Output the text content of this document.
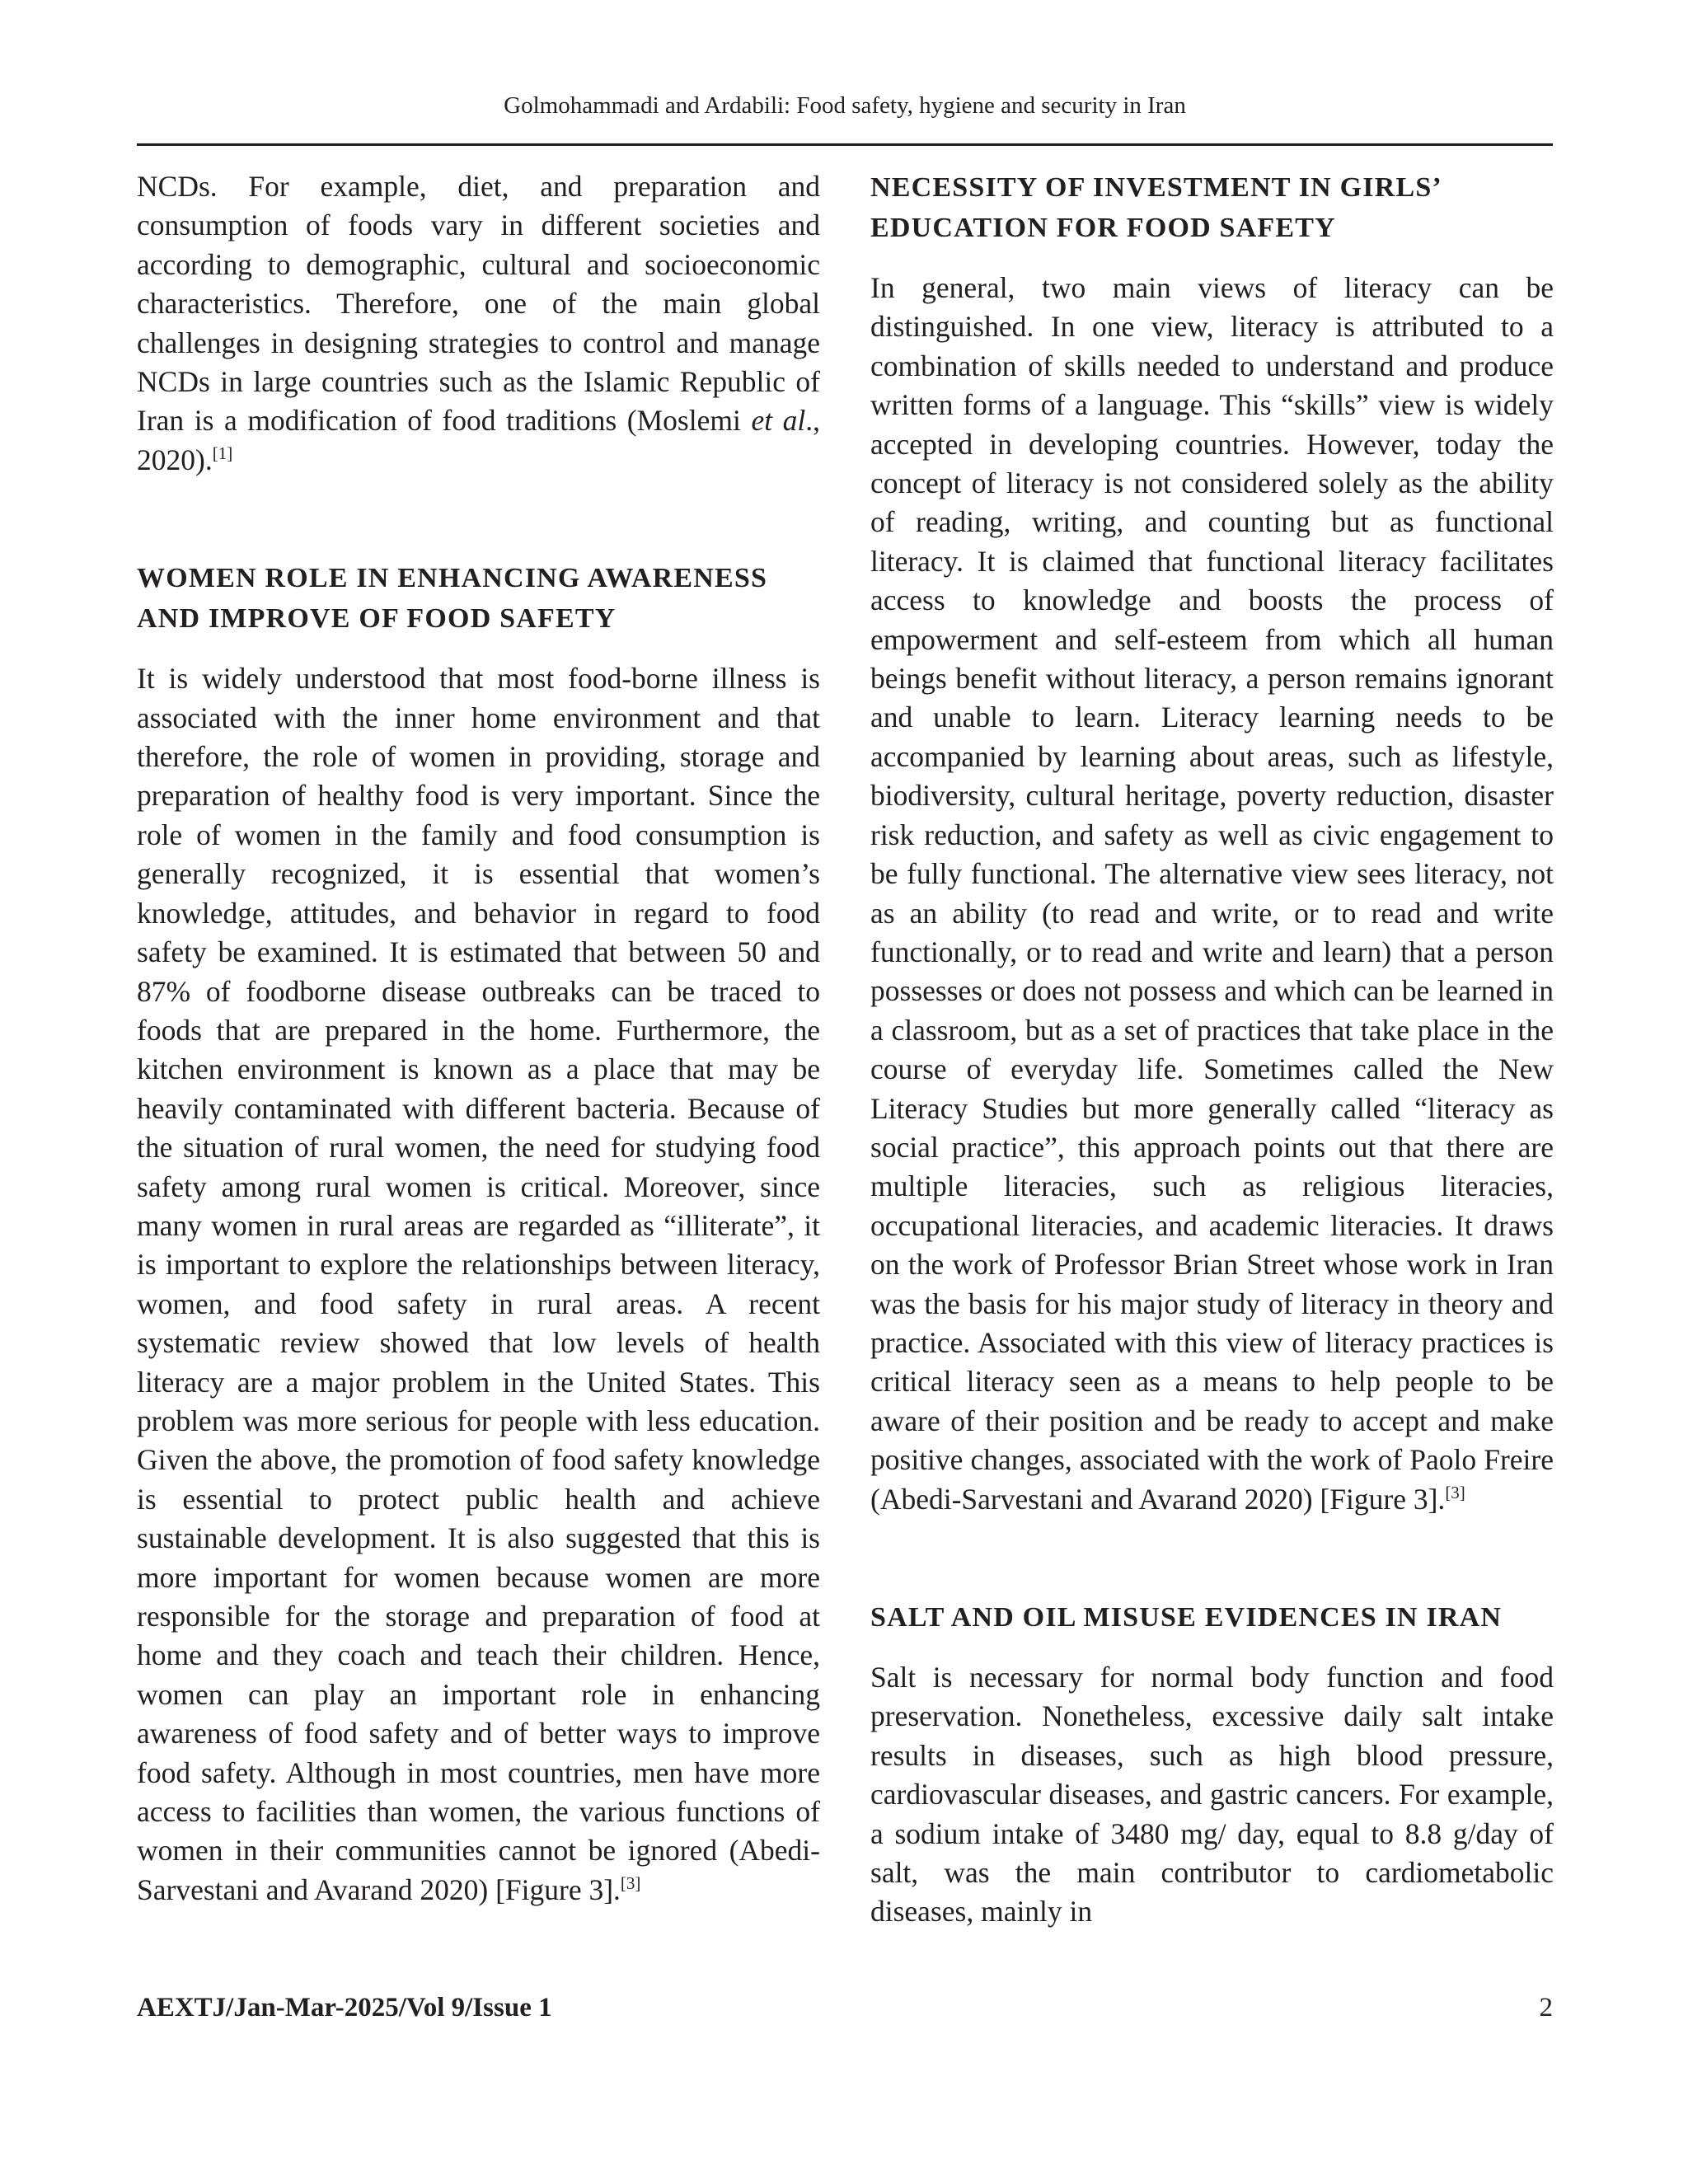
Golmohammadi and Ardabili: Food safety, hygiene and security in Iran

NCDs. For example, diet, and preparation and consumption of foods vary in different societies and according to demographic, cultural and socioeconomic characteristics. Therefore, one of the main global challenges in designing strategies to control and manage NCDs in large countries such as the Islamic Republic of Iran is a modification of food traditions (Moslemi et al., 2020).[1]

WOMEN ROLE IN ENHANCING AWARENESS AND IMPROVE OF FOOD SAFETY

It is widely understood that most food-borne illness is associated with the inner home environment and that therefore, the role of women in providing, storage and preparation of healthy food is very important. Since the role of women in the family and food consumption is generally recognized, it is essential that women’s knowledge, attitudes, and behavior in regard to food safety be examined. It is estimated that between 50 and 87% of foodborne disease outbreaks can be traced to foods that are prepared in the home. Furthermore, the kitchen environment is known as a place that may be heavily contaminated with different bacteria. Because of the situation of rural women, the need for studying food safety among rural women is critical. Moreover, since many women in rural areas are regarded as “illiterate”, it is important to explore the relationships between literacy, women, and food safety in rural areas. A recent systematic review showed that low levels of health literacy are a major problem in the United States. This problem was more serious for people with less education. Given the above, the promotion of food safety knowledge is essential to protect public health and achieve sustainable development. It is also suggested that this is more important for women because women are more responsible for the storage and preparation of food at home and they coach and teach their children. Hence, women can play an important role in enhancing awareness of food safety and of better ways to improve food safety. Although in most countries, men have more access to facilities than women, the various functions of women in their communities cannot be ignored (Abedi-Sarvestani and Avarand 2020) [Figure 3].[3]

NECESSITY OF INVESTMENT IN GIRLS’ EDUCATION FOR FOOD SAFETY

In general, two main views of literacy can be distinguished. In one view, literacy is attributed to a combination of skills needed to understand and produce written forms of a language. This “skills” view is widely accepted in developing countries. However, today the concept of literacy is not considered solely as the ability of reading, writing, and counting but as functional literacy. It is claimed that functional literacy facilitates access to knowledge and boosts the process of empowerment and self-esteem from which all human beings benefit without literacy, a person remains ignorant and unable to learn. Literacy learning needs to be accompanied by learning about areas, such as lifestyle, biodiversity, cultural heritage, poverty reduction, disaster risk reduction, and safety as well as civic engagement to be fully functional. The alternative view sees literacy, not as an ability (to read and write, or to read and write functionally, or to read and write and learn) that a person possesses or does not possess and which can be learned in a classroom, but as a set of practices that take place in the course of everyday life. Sometimes called the New Literacy Studies but more generally called “literacy as social practice”, this approach points out that there are multiple literacies, such as religious literacies, occupational literacies, and academic literacies. It draws on the work of Professor Brian Street whose work in Iran was the basis for his major study of literacy in theory and practice. Associated with this view of literacy practices is critical literacy seen as a means to help people to be aware of their position and be ready to accept and make positive changes, associated with the work of Paolo Freire (Abedi-Sarvestani and Avarand 2020) [Figure 3].[3]

SALT AND OIL MISUSE EVIDENCES IN IRAN

Salt is necessary for normal body function and food preservation. Nonetheless, excessive daily salt intake results in diseases, such as high blood pressure, cardiovascular diseases, and gastric cancers. For example, a sodium intake of 3480 mg/ day, equal to 8.8 g/day of salt, was the main contributor to cardiometabolic diseases, mainly in

AEXTJ/Jan-Mar-2025/Vol 9/Issue 1	2
